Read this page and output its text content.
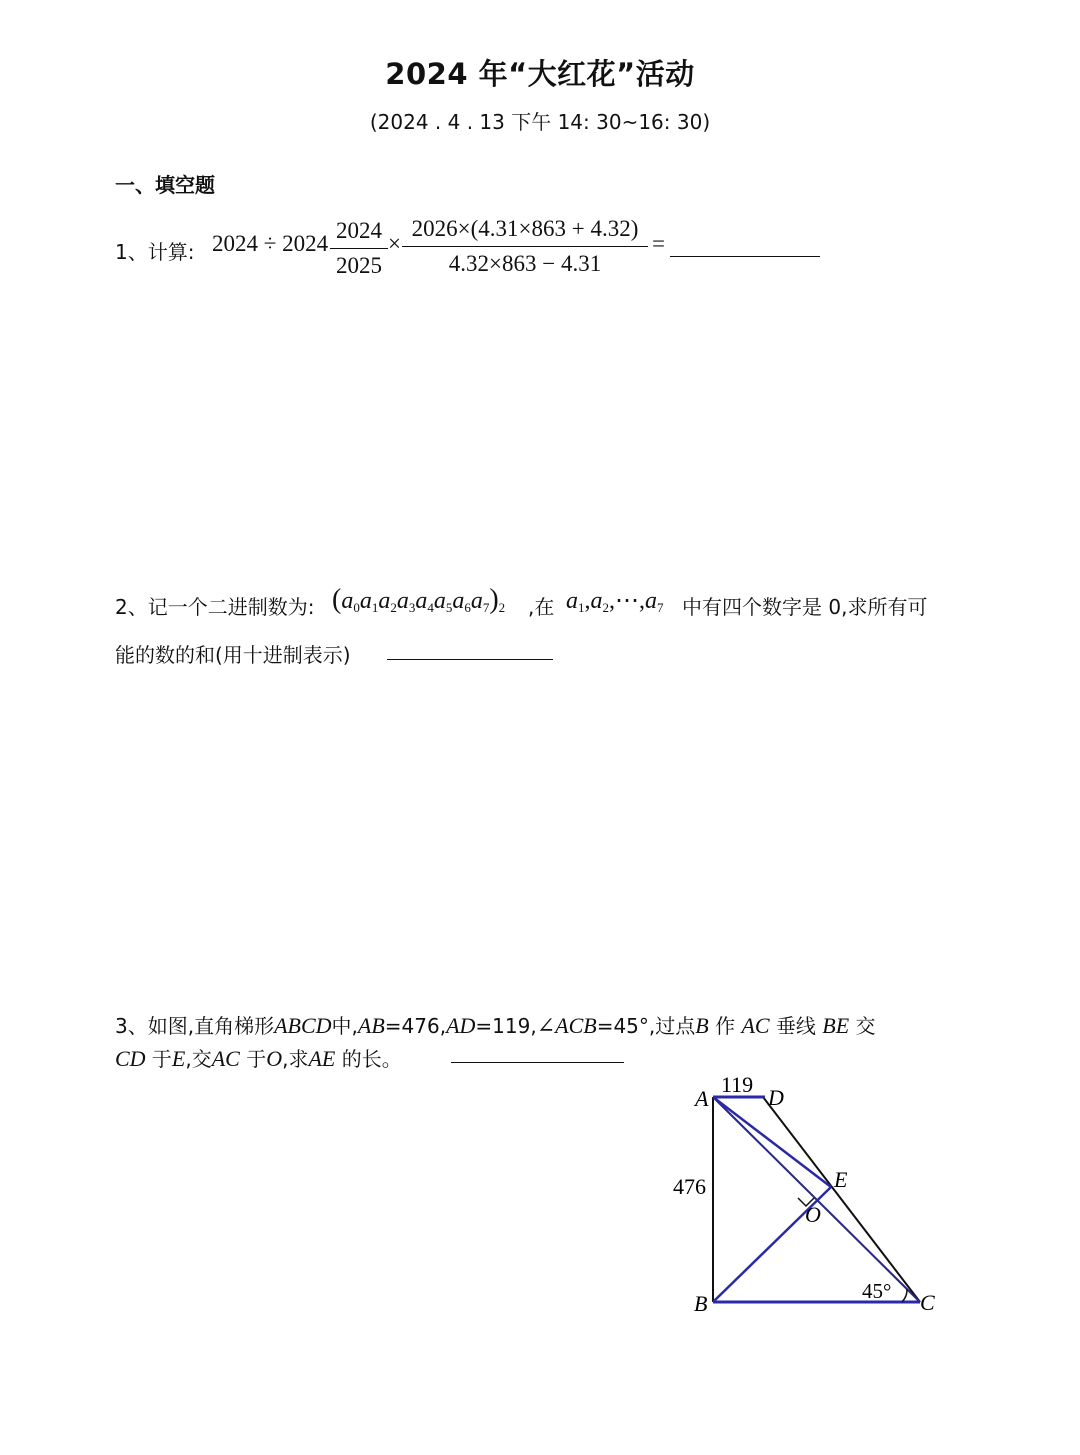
2024 年“大红花”活动
(2024 . 4 . 13 下午 14: 30~16: 30)
一、填空题
1、计算: $2024 \div 2024 \frac{2024}{2025} \times \frac{2026\times(4.31\times 863 + 4.32)}{4.32\times 863 - 4.31}$ =
2、记一个二进制数为: $(a_0a_1a_2a_3a_4a_5a_6a_7)_2$ ,在 $a_1,a_2,\cdots,a_7$ 中有四个数字是 0,求所有可
能的数的和(用十进制表示)
3、如图,直角梯形ABCD中,AB=476,AD=119,∠ACB=45°,过点B 作 AC 垂线 BE 交
CD 于E,交AC 于O,求AE 的长。
A
B	C
D
E
O
119
476
45°
